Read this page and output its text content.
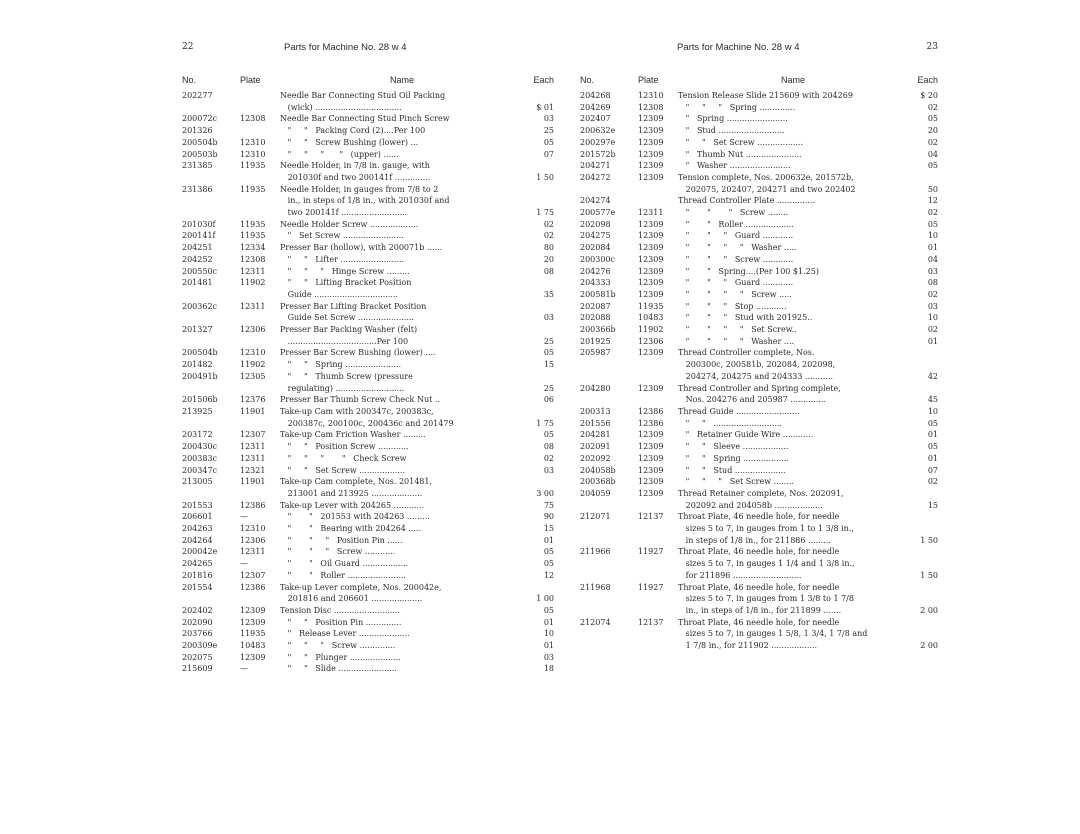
22	Parts for Machine No. 28 w 4
No.	Plate	Name	Each
202277	Needle Bar Connecting Stud Oil Packing
(wick) ..................................	$ 01
200072c	12308	Needle Bar Connecting Stud Pinch Screw	03
201326	"     "   Packing Cord (2)....Per 100	25
200504b	12310	"     "   Screw Bushing (lower) ...	05
200503b	12310	"     "     "      "   (upper) ......	07
231385	11935	Needle Holder, in 7/8 in. gauge, with
201030f and two 200141f ..............	1 50
231386	11935	Needle Holder, in gauges from 7/8 to 2
in., in steps of 1/8 in., with 201030f and
two 200141f ..........................	1 75
201030f	11935	Needle Holder Screw ...................	02
200141f	11935	"   Set Screw ........................	02
204251	12334	Presser Bar (hollow), with 200071b ......	80
204252	12308	"     "   Lifter .........................	20
200550c	12311	"     "     "   Hinge Screw .........	08
201481	11902	"     "   Lifting Bracket Position
Guide .................................	35
200362c	12311	Presser Bar Lifting Bracket Position
Guide Set Screw ......................	03
201327	12306	Presser Bar Packing Washer (felt)
...................................Per 100	25
200504b	12310	Presser Bar Screw Bushing (lower) ....	05
201482	11902	"     "   Spring ......................	15
200491b	12305	"     "   Thumb Screw (pressure
regulating) ...........................	25
201506b	12376	Presser Bar Thumb Screw Check Nut ..	06
213925	11901	Take-up Cam with 200347c, 200383c,
200387c, 200100c, 200436c and 201479	1 75
203172	12307	Take-up Cam Friction Washer .........	05
200430c	12311	"     "   Position Screw ............	08
200383c	12311	"     "     "       "   Check Screw	02
200347c	12321	"     "   Set Screw ..................	03
213005	11901	Take-up Cam complete, Nos. 201481,
213001 and 213925 ....................	3 00
201553	12386	Take-up Lever with 204265 ............	75
206601	—	"       "   201553 with 204263 .........	90
204263	12310	"       "   Bearing with 204264 .....	15
204264	12306	"       "     "   Position Pin ......	01
200042e	12311	"       "     "   Screw ............	05
204265	—	"       "   Oil Guard ..................	05
201816	12307	"       "   Roller .......................	12
201554	12386	Take-up Lever complete, Nos. 200042e,
201816 and 206601 ....................	1 00
202402	12309	Tension Disc ..........................	05
202090	12309	"     "   Position Pin ..............	01
203766	11935	"   Release Lever ....................	10
200309e	10483	"     "     "   Screw ..............	01
202075	12309	"     "   Plunger ....................	03
215609	—	"     "   Slide .......................	18
Parts for Machine No. 28 w 4	23
No.	Plate	Name	Each
204268	12310	Tension Release Slide 215609 with 204269	$ 20
204269	12308	"     "     "   Spring ..............	02
202407	12309	"   Spring ........................	05
200632e	12309	"   Stud ..........................	20
200297e	12309	"     "   Set Screw ..................	02
201572b	12309	"   Thumb Nut ......................	04
204271	12309	"   Washer ........................	05
204272	12309	Tension complete, Nos. 200632e, 201572b,
202075, 202407, 204271 and two 202402	50
204274	Thread Controller Plate ...............	12
200577e	12311	"       "       "   Screw ........	02
202098	12309	"       "   Roller ...................	05
204275	12309	"       "     "   Guard ............	10
202084	12309	"       "     "     "   Washer .....	01
200300c	12309	"       "     "   Screw ............	04
204276	12309	"       "   Spring....(Per 100 $1.25)	03
204333	12309	"       "     "   Guard ............	08
200581b	12309	"       "     "     "   Screw .....	02
202087	11935	"       "     "   Stop ............	03
202088	10483	"       "     "   Stud with 201925..	10
200366b	11902	"       "     "     "   Set Screw..	02
201925	12306	"       "     "     "   Washer ....	01
205987	12309	Thread Controller complete, Nos.
200300c, 200581b, 202084, 202098,
204274, 204275 and 204333 ...........	42
204280	12309	Thread Controller and Spring complete,
Nos. 204276 and 205987 ..............	45
200313	12386	Thread Guide .........................	10
201556	12386	"     "   ...........................	05
204281	12309	"   Retainer Guide Wire ............	01
202091	12309	"     "   Sleeve ..................	05
202092	12309	"     "   Spring ..................	01
204058b	12309	"     "   Stud ....................	07
200368b	12309	"     "     "   Set Screw ........	02
204059	12309	Thread Retainer complete, Nos. 202091,
202092 and 204058b ...................	15
212071	12137	Throat Plate, 46 needle hole, for needle
sizes 5 to 7, in gauges from 1 to 1 3/8 in.,
in steps of 1/8 in., for 211886 .........	1 50
211966	11927	Throat Plate, 46 needle hole, for needle
sizes 5 to 7, in gauges 1 1/4 and 1 3/8 in.,
for 211896 ...........................	1 50
211968	11927	Throat Plate, 46 needle hole, for needle
sizes 5 to 7, in gauges from 1 3/8 to 1 7/8
in., in steps of 1/8 in., for 211899 .......	2 00
212074	12137	Throat Plate, 46 needle hole, for needle
sizes 5 to 7, in gauges 1 5/8, 1 3/4, 1 7/8 and
1 7/8 in., for 211902 ..................	2 00
